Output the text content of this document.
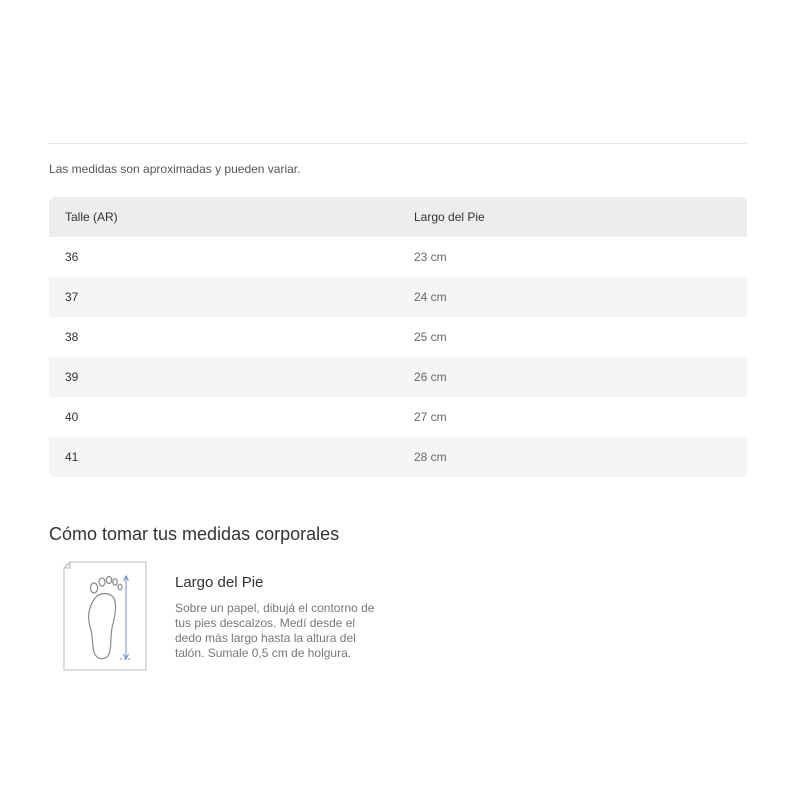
Las medidas son aproximadas y pueden variar.
Talle (AR)	Largo del Pie
36	23 cm
37	24 cm
38	25 cm
39	26 cm
40	27 cm
41	28 cm
Cómo tomar tus medidas corporales
Largo del Pie
Sobre un papel, dibujá el contorno de tus pies descalzos. Medí desde el dedo más largo hasta la altura del talón. Sumale 0,5 cm de holgura.
